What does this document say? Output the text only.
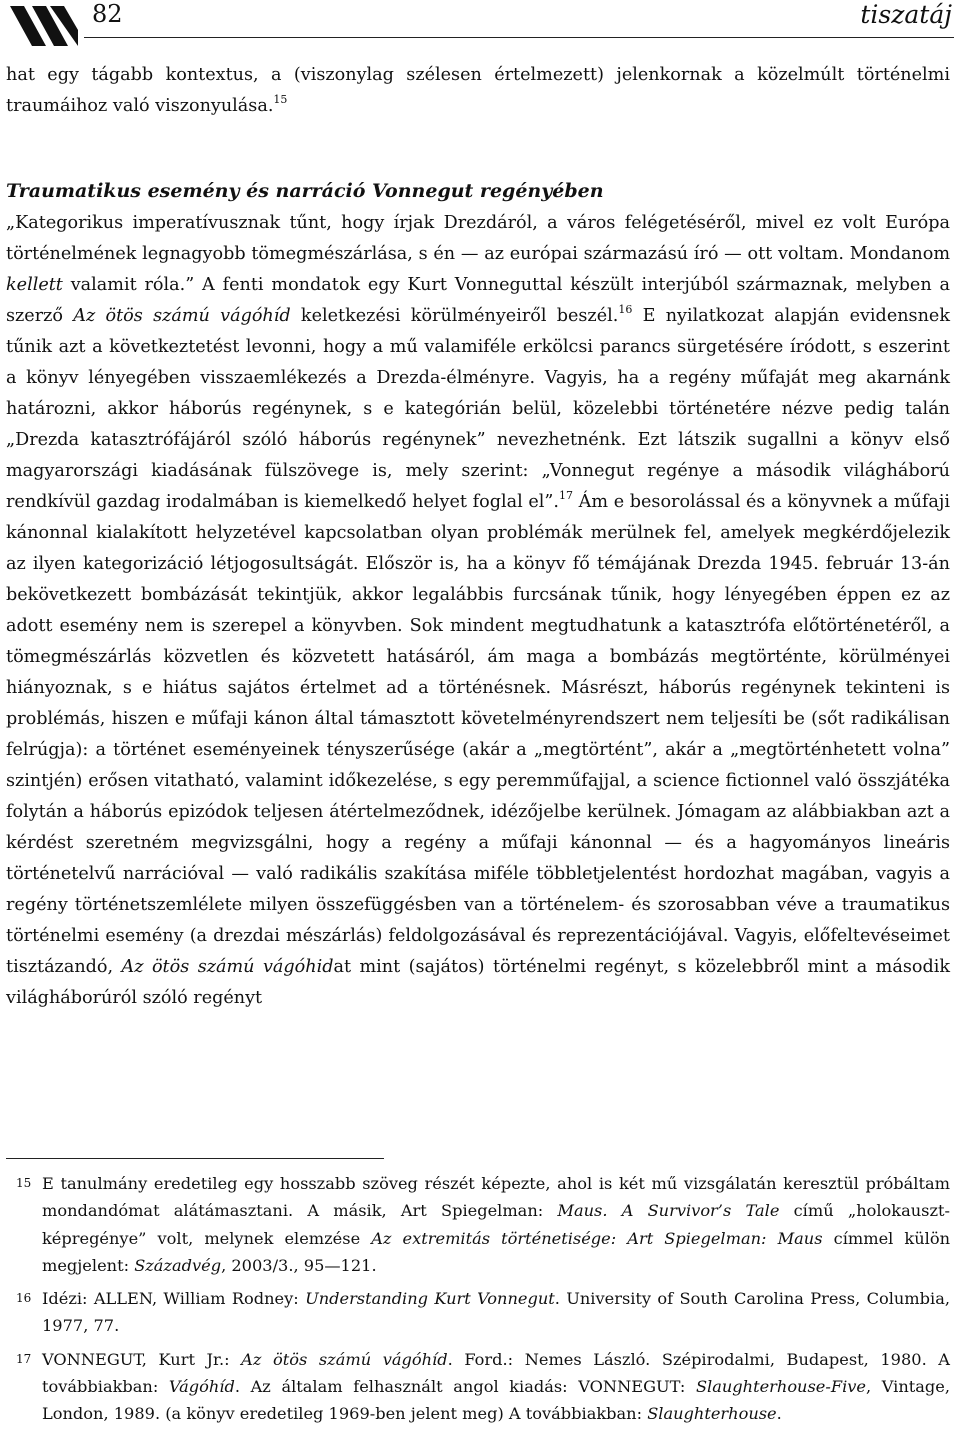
82	tiszatáj

hat egy tágabb kontextus, a (viszonylag szélesen értelmezett) jelenkornak a közelmúlt történelmi traumáihoz való viszonyulása.$^{15}$

Traumatikus esemény és narráció Vonnegut regényében

„Kategorikus imperatívusznak tűnt, hogy írjak Drezdáról, a város felégetéséről, mivel ez volt Európa történelmének legnagyobb tömegmészárlása, s én — az európai származású író — ott voltam. Mondanom kellett valamit róla.” A fenti mondatok egy Kurt Vonneguttal készült interjúból származnak, melyben a szerző Az ötös számú vágóhíd keletkezési körülményeiről beszél.$^{16}$ E nyilatkozat alapján evidensnek tűnik azt a következtetést levonni, hogy a mű valamiféle erkölcsi parancs sürgetésére íródott, s eszerint a könyv lényegében visszaemlékezés a Drezda-élményre. Vagyis, ha a regény műfaját meg akarnánk határozni, akkor háborús regénynek, s e kategórián belül, közelebbi történetére nézve pedig talán „Drezda katasztrófájáról szóló háborús regénynek” nevezhetnénk. Ezt látszik sugallni a könyv első magyarországi kiadásának fülszövege is, mely szerint: „Vonnegut regénye a második világháború rendkívül gazdag irodalmában is kiemelkedő helyet foglal el”.$^{17}$ Ám e besorolással és a könyvnek a műfaji kánonnal kialakított helyzetével kapcsolatban olyan problémák merülnek fel, amelyek megkérdőjelezik az ilyen kategorizáció létjogosultságát. Először is, ha a könyv fő témájának Drezda 1945. február 13-án bekövetkezett bombázását tekintjük, akkor legalábbis furcsának tűnik, hogy lényegében éppen ez az adott esemény nem is szerepel a könyvben. Sok mindent megtudhatunk a katasztrófa előtörténetéről, a tömegmészárlás közvetlen és közvetett hatásáról, ám maga a bombázás megtörténte, körülményei hiányoznak, s e hiátus sajátos értelmet ad a történésnek. Másrészt, háborús regénynek tekinteni is problémás, hiszen e műfaji kánon által támasztott követelményrendszert nem teljesíti be (sőt radikálisan felrúgja): a történet eseményeinek tényszerűsége (akár a „megtörtént”, akár a „megtörténhetett volna” szintjén) erősen vitatható, valamint időkezelése, s egy peremműfajjal, a science fictionnel való összjátéka folytán a háborús epizódok teljesen átértelmeződnek, idézőjelbe kerülnek. Jómagam az alábbiakban azt a kérdést szeretném megvizsgálni, hogy a regény a műfaji kánonnal — és a hagyományos lineáris történetelvű narrációval — való radikális szakítása miféle többletjelentést hordozhat magában, vagyis a regény történetszemlélete milyen összefüggésben van a történelem- és szorosabban véve a traumatikus történelmi esemény (a drezdai mészárlás) feldolgozásával és reprezentációjával. Vagyis, előfeltevéseimet tisztázandó, Az ötös számú vágóhidat mint (sajátos) történelmi regényt, s közelebbről mint a második világháborúról szóló regényt

15 E tanulmány eredetileg egy hosszabb szöveg részét képezte, ahol is két mű vizsgálatán keresztül próbáltam mondandómat alátámasztani. A másik, Art Spiegelman: Maus. A Survivor’s Tale című „holokauszt-képregénye” volt, melynek elemzése Az extremitás történetisége: Art Spiegelman: Maus címmel külön megjelent: Századvég, 2003/3., 95—121.
16 Idézi: ALLEN, William Rodney: Understanding Kurt Vonnegut. University of South Carolina Press, Columbia, 1977, 77.
17 VONNEGUT, Kurt Jr.: Az ötös számú vágóhíd. Ford.: Nemes László. Szépirodalmi, Budapest, 1980. A továbbiakban: Vágóhíd. Az általam felhasznált angol kiadás: VONNEGUT: Slaughterhouse-Five, Vintage, London, 1989. (a könyv eredetileg 1969-ben jelent meg) A továbbiakban: Slaughterhouse.
